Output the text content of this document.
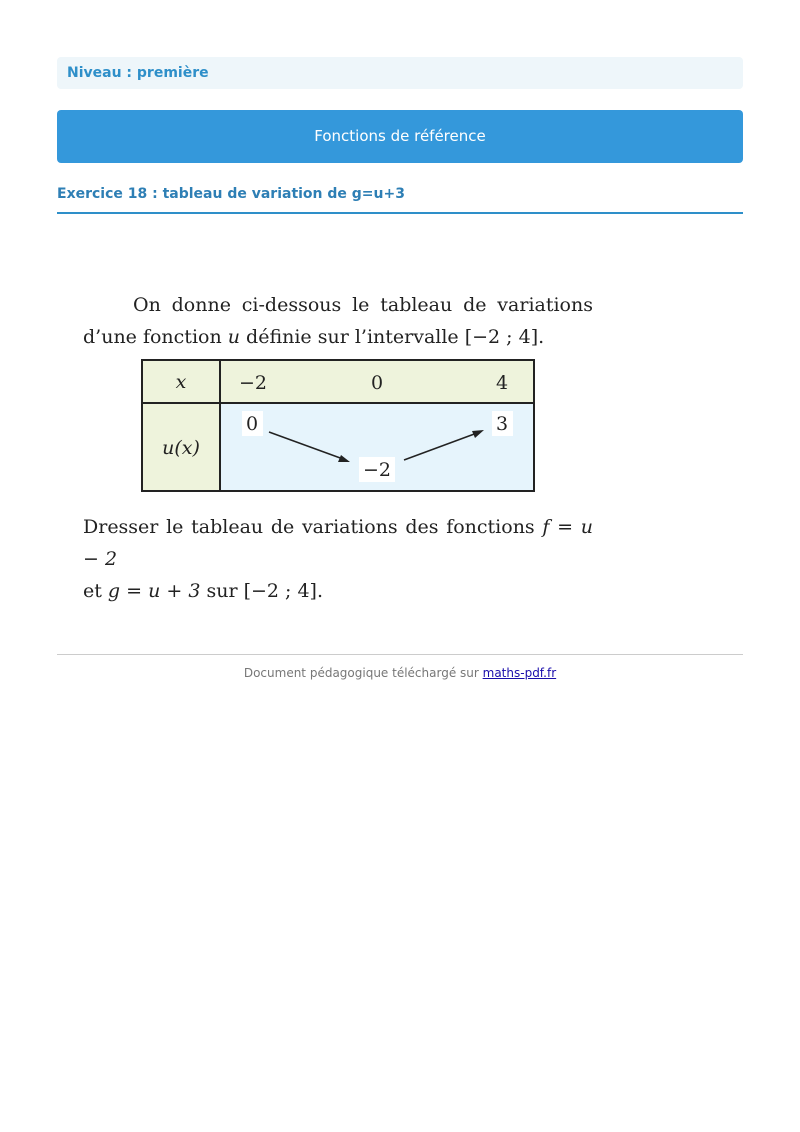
Niveau : première
Fonctions de référence
Exercice 18 : tableau de variation de g=u+3
On donne ci-dessous le tableau de variations d’une fonction u définie sur l’intervalle [−2 ; 4].
x
u(x)
−2	0	4
0
−2
3
Dresser le tableau de variations des fonctions f = u − 2
et g = u + 3 sur [−2 ; 4].
Document pédagogique téléchargé sur maths-pdf.fr
